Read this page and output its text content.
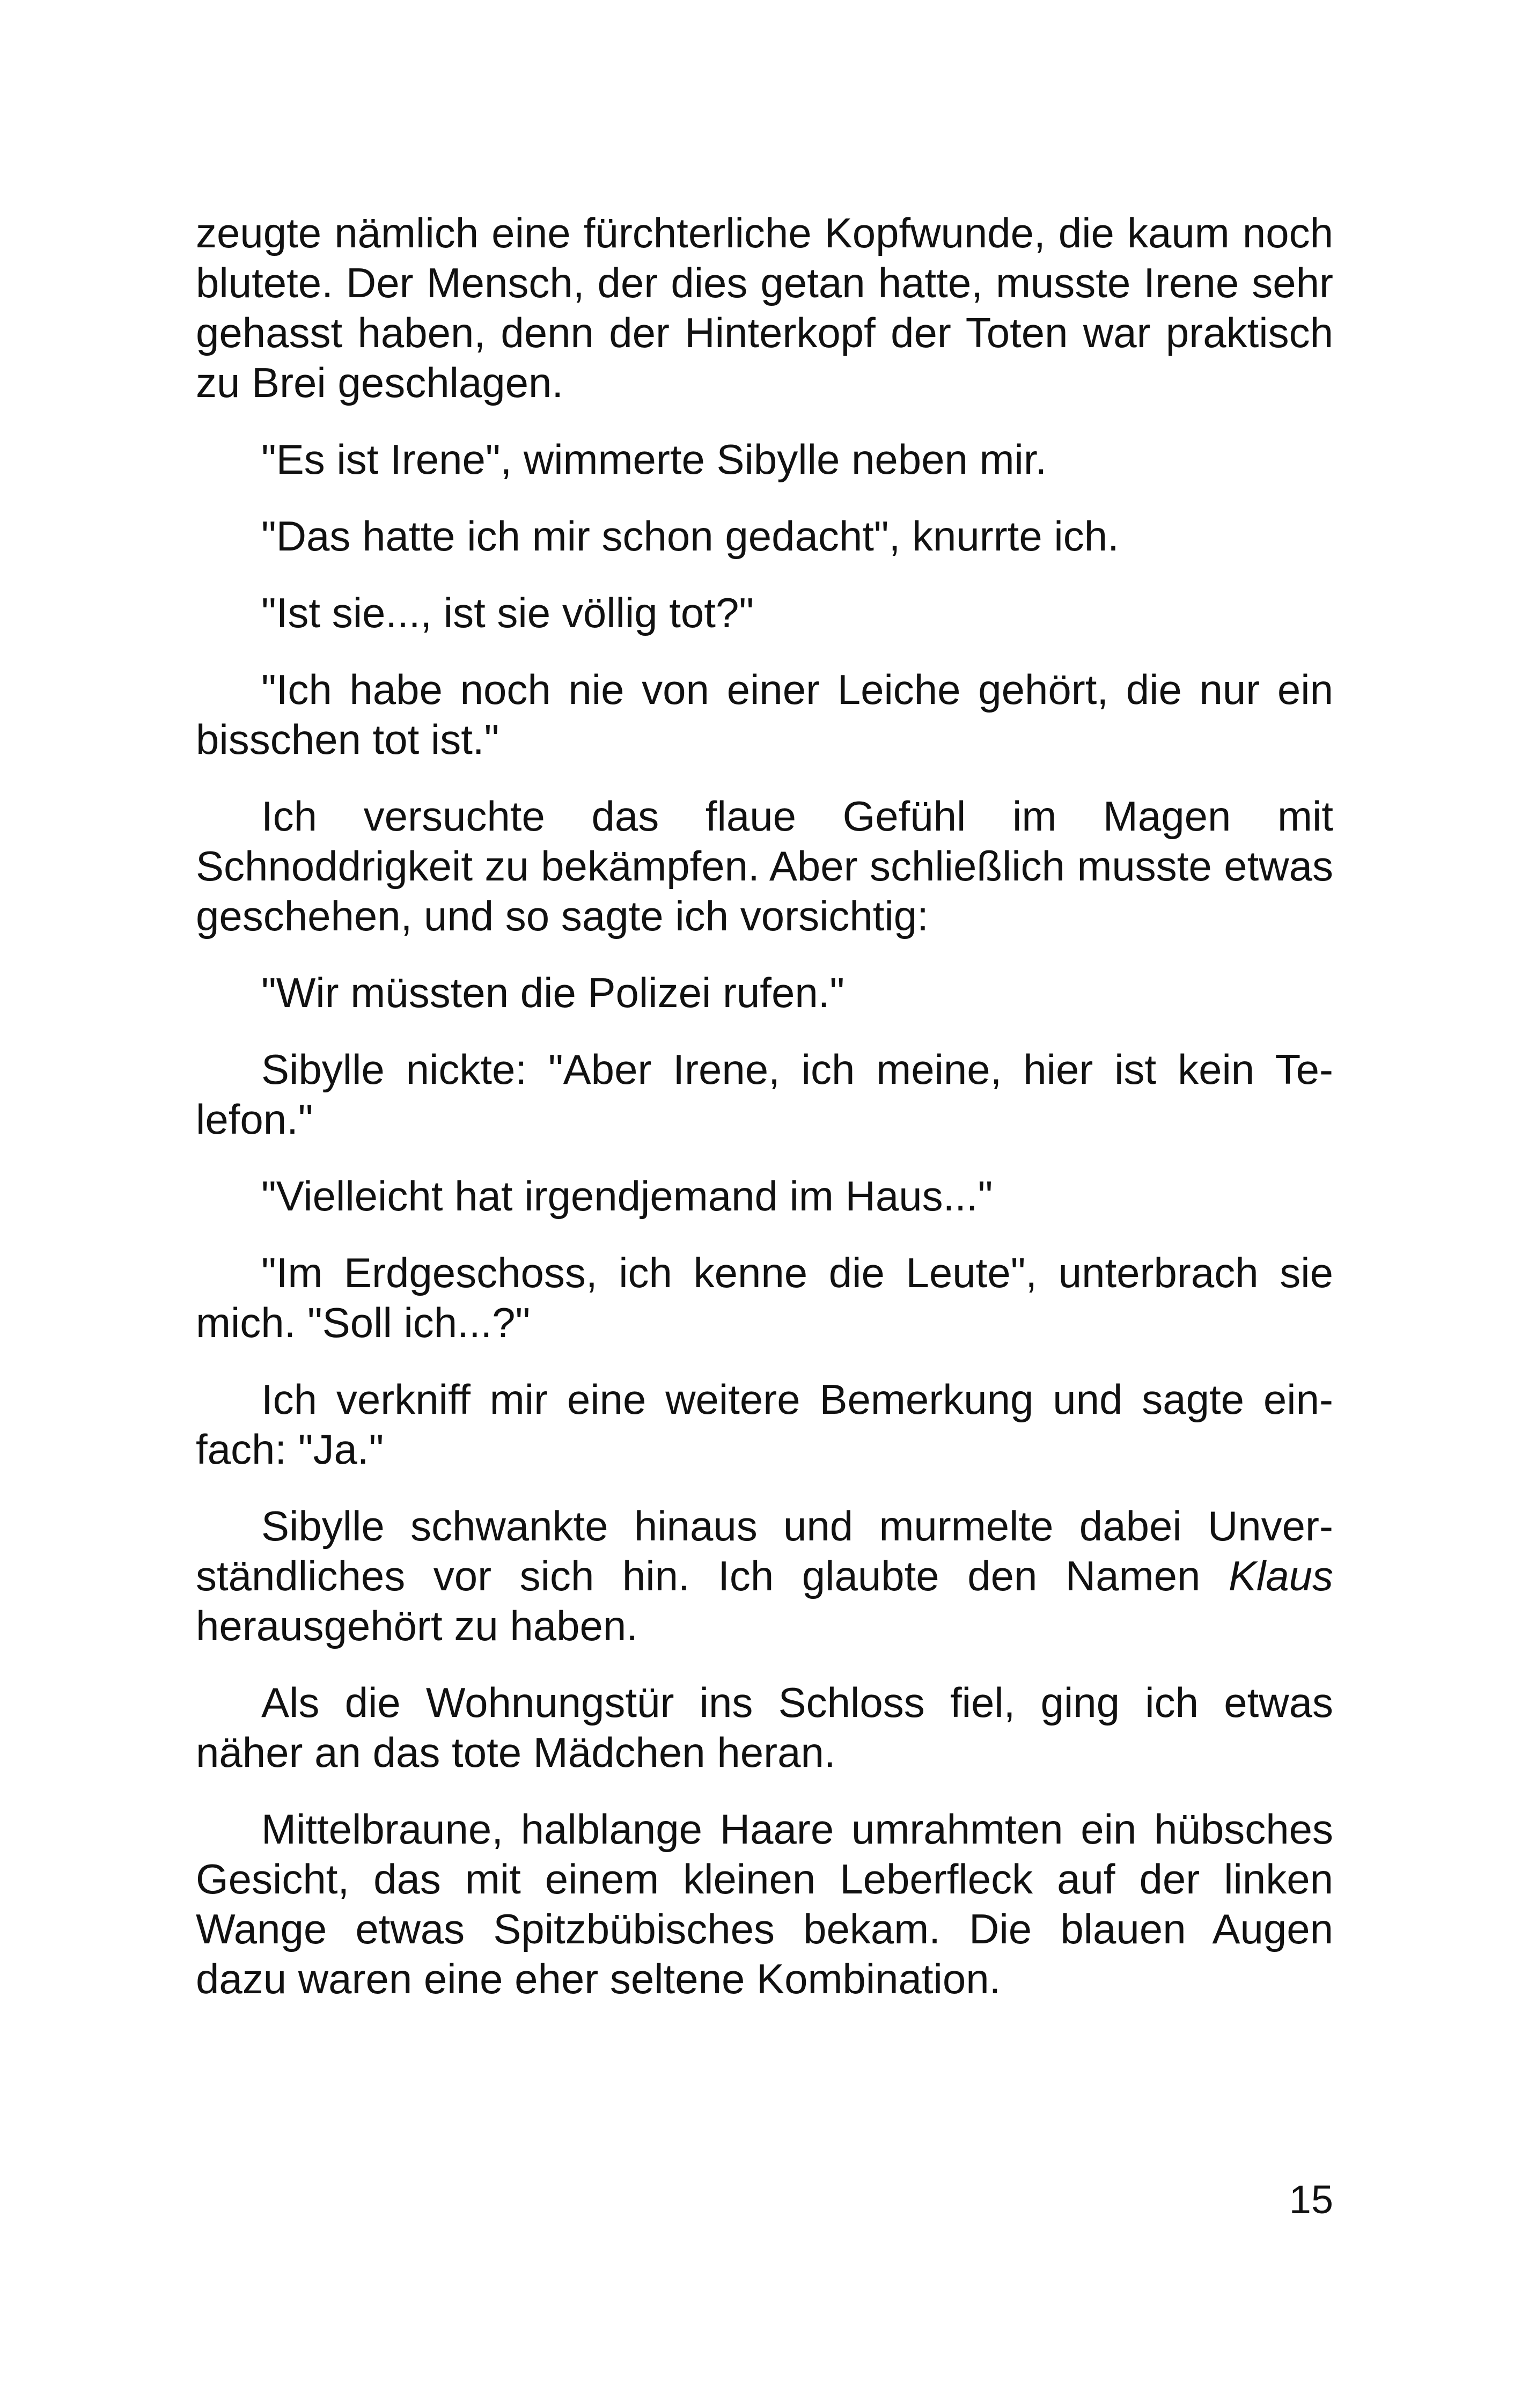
zeugte nämlich eine fürchterliche Kopfwunde, die kaum noch blutete. Der Mensch, der dies getan hatte, musste Irene sehr gehasst haben, denn der Hinterkopf der Toten war praktisch zu Brei geschlagen.

"Es ist Irene", wimmerte Sibylle neben mir.

"Das hatte ich mir schon gedacht", knurrte ich.

"Ist sie..., ist sie völlig tot?"

"Ich habe noch nie von einer Leiche gehört, die nur ein bisschen tot ist."

Ich versuchte das flaue Gefühl im Magen mit Schnoddrigkeit zu bekämpfen. Aber schließlich musste etwas geschehen, und so sagte ich vorsichtig:

"Wir müssten die Polizei rufen."

Sibylle nickte: "Aber Irene, ich meine, hier ist kein Telefon."

"Vielleicht hat irgendjemand im Haus..."

"Im Erdgeschoss, ich kenne die Leute", unterbrach sie mich. "Soll ich...?"

Ich verkniff mir eine weitere Bemerkung und sagte einfach: "Ja."

Sibylle schwankte hinaus und murmelte dabei Unverständliches vor sich hin. Ich glaubte den Namen Klaus herausgehört zu haben.

Als die Wohnungstür ins Schloss fiel, ging ich etwas näher an das tote Mädchen heran.

Mittelbraune, halblange Haare umrahmten ein hübsches Gesicht, das mit einem kleinen Leberfleck auf der linken Wange etwas Spitzbübisches bekam. Die blauen Augen dazu waren eine eher seltene Kombination.

15
